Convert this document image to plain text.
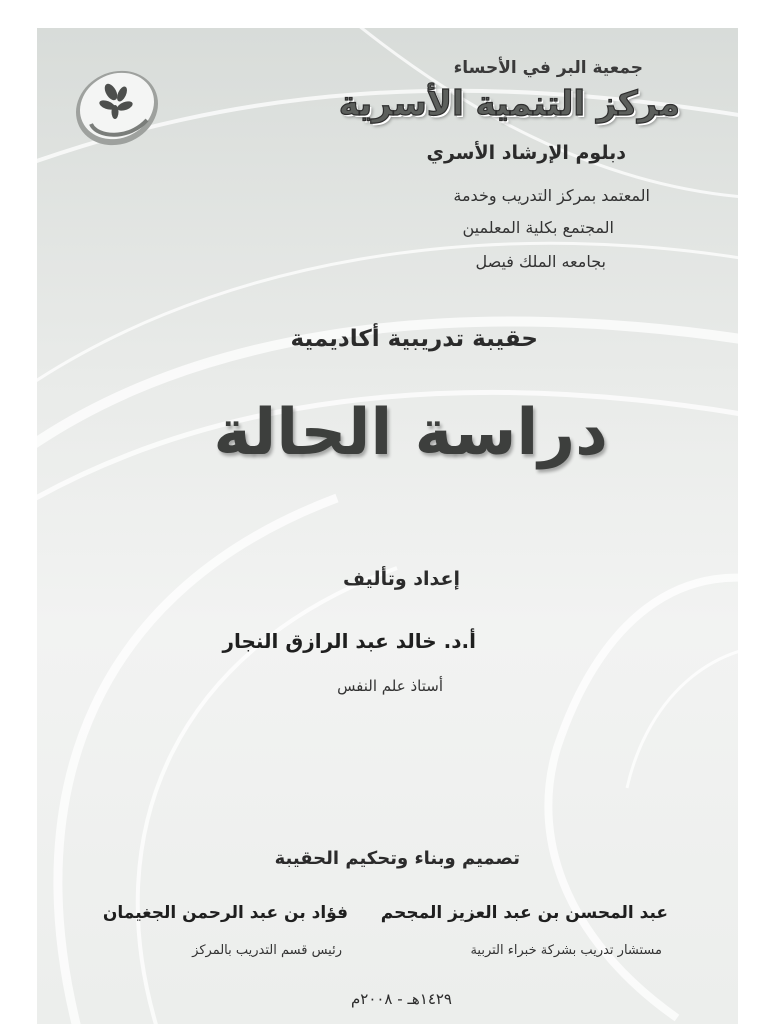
جمعية البر في الأحساء

مركز التنمية الأسرية

دبلوم الإرشاد الأسري

المعتمد بمركز التدريب وخدمة

المجتمع بكلية المعلمين

بجامعه الملك فيصل

حقيبة تدريبية أكاديمية

دراسة الحالة

إعداد وتأليف

أ.د. خالد عبد الرازق النجار

أستاذ علم النفس

تصميم وبناء وتحكيم الحقيبة

عبد المحسن بن عبد العزيز المجحم

مستشار تدريب بشركة خبراء التربية

فؤاد بن عبد الرحمن الجغيمان

رئيس قسم التدريب بالمركز

١٤٢٩هـ - ٢٠٠٨م
